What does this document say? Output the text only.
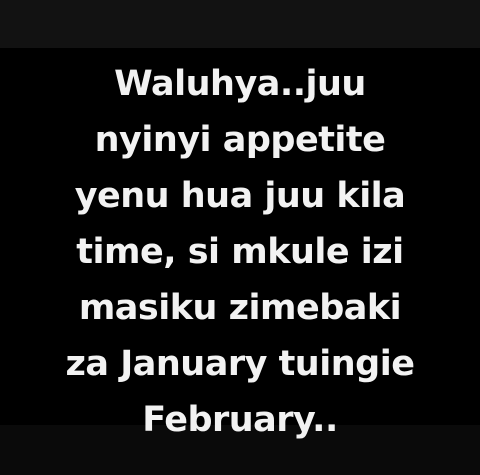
Waluhya..juu
nyinyi appetite
yenu hua juu kila
time, si mkule izi
masiku zimebaki
za January tuingie
February..
